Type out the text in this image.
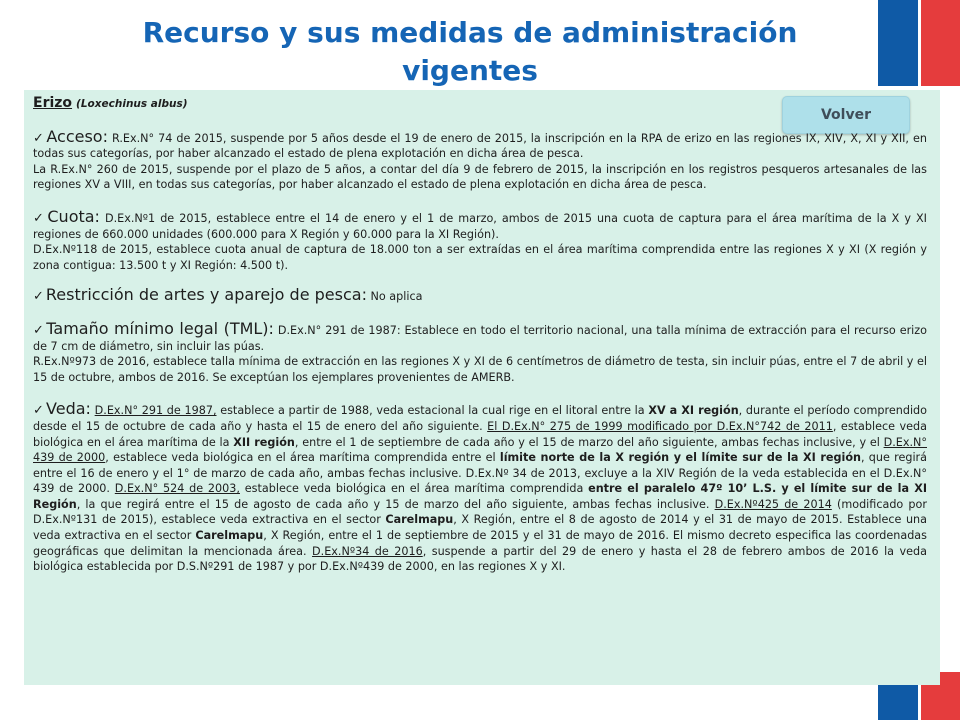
Recurso y sus medidas de administración vigentes
Volver

Erizo (Loxechinus albus)

✓ Acceso: R.Ex.N° 74 de 2015, suspende por 5 años desde el 19 de enero de 2015, la inscripción en la RPA de erizo en las regiones IX, XIV, X, XI y XII, en todas sus categorías, por haber alcanzado el estado de plena explotación en dicha área de pesca.

La R.Ex.N° 260 de 2015, suspende por el plazo de 5 años, a contar del día 9 de febrero de 2015, la inscripción en los registros pesqueros artesanales de las regiones XV a VIII, en todas sus categorías, por haber alcanzado el estado de plena explotación en dicha área de pesca.

✓ Cuota: D.Ex.Nº1 de 2015, establece entre el 14 de enero y el 1 de marzo, ambos de 2015 una cuota de captura para el área marítima de la X y XI regiones de 660.000 unidades (600.000 para X Región y 60.000 para la XI Región).

D.Ex.Nº118 de 2015, establece cuota anual de captura de 18.000 ton a ser extraídas en el área marítima comprendida entre las regiones X y XI (X región y zona contigua: 13.500 t y XI Región: 4.500 t).

✓ Restricción de artes y aparejo de pesca: No aplica

✓ Tamaño mínimo legal (TML): D.Ex.N° 291 de 1987: Establece en todo el territorio nacional, una talla mínima de extracción para el recurso erizo de 7 cm de diámetro, sin incluir las púas.

R.Ex.Nº973 de 2016, establece talla mínima de extracción en las regiones X y XI de 6 centímetros de diámetro de testa, sin incluir púas, entre el 7 de abril y el 15 de octubre, ambos de 2016. Se exceptúan los ejemplares provenientes de AMERB.

✓ Veda: D.Ex.N° 291 de 1987, establece a partir de 1988, veda estacional la cual rige en el litoral entre la XV a XI región, durante el período comprendido desde el 15 de octubre de cada año y hasta el 15 de enero del año siguiente. El D.Ex.N° 275 de 1999 modificado por D.Ex.N°742 de 2011, establece veda biológica en el área marítima de la XII región, entre el 1 de septiembre de cada año y el 15 de marzo del año siguiente, ambas fechas inclusive, y el D.Ex.N° 439 de 2000, establece veda biológica en el área marítima comprendida entre el límite norte de la X región y el límite sur de la XI región, que regirá entre el 16 de enero y el 1° de marzo de cada año, ambas fechas inclusive. D.Ex.Nº 34 de 2013, excluye a la XIV Región de la veda establecida en el D.Ex.N° 439 de 2000. D.Ex.N° 524 de 2003, establece veda biológica en el área marítima comprendida entre el paralelo 47º 10’ L.S. y el límite sur de la XI Región, la que regirá entre el 15 de agosto de cada año y 15 de marzo del año siguiente, ambas fechas inclusive. D.Ex.Nº425 de 2014 (modificado por D.Ex.Nº131 de 2015), establece veda extractiva en el sector Carelmapu, X Región, entre el 8 de agosto de 2014 y el 31 de mayo de 2015. Establece una veda extractiva en el sector Carelmapu, X Región, entre el 1 de septiembre de 2015 y el 31 de mayo de 2016. El mismo decreto especifica las coordenadas geográficas que delimitan la mencionada área. D.Ex.Nº34 de 2016, suspende a partir del 29 de enero y hasta el 28 de febrero ambos de 2016 la veda biológica establecida por D.S.Nº291 de 1987 y por D.Ex.Nº439 de 2000, en las regiones X y XI.
